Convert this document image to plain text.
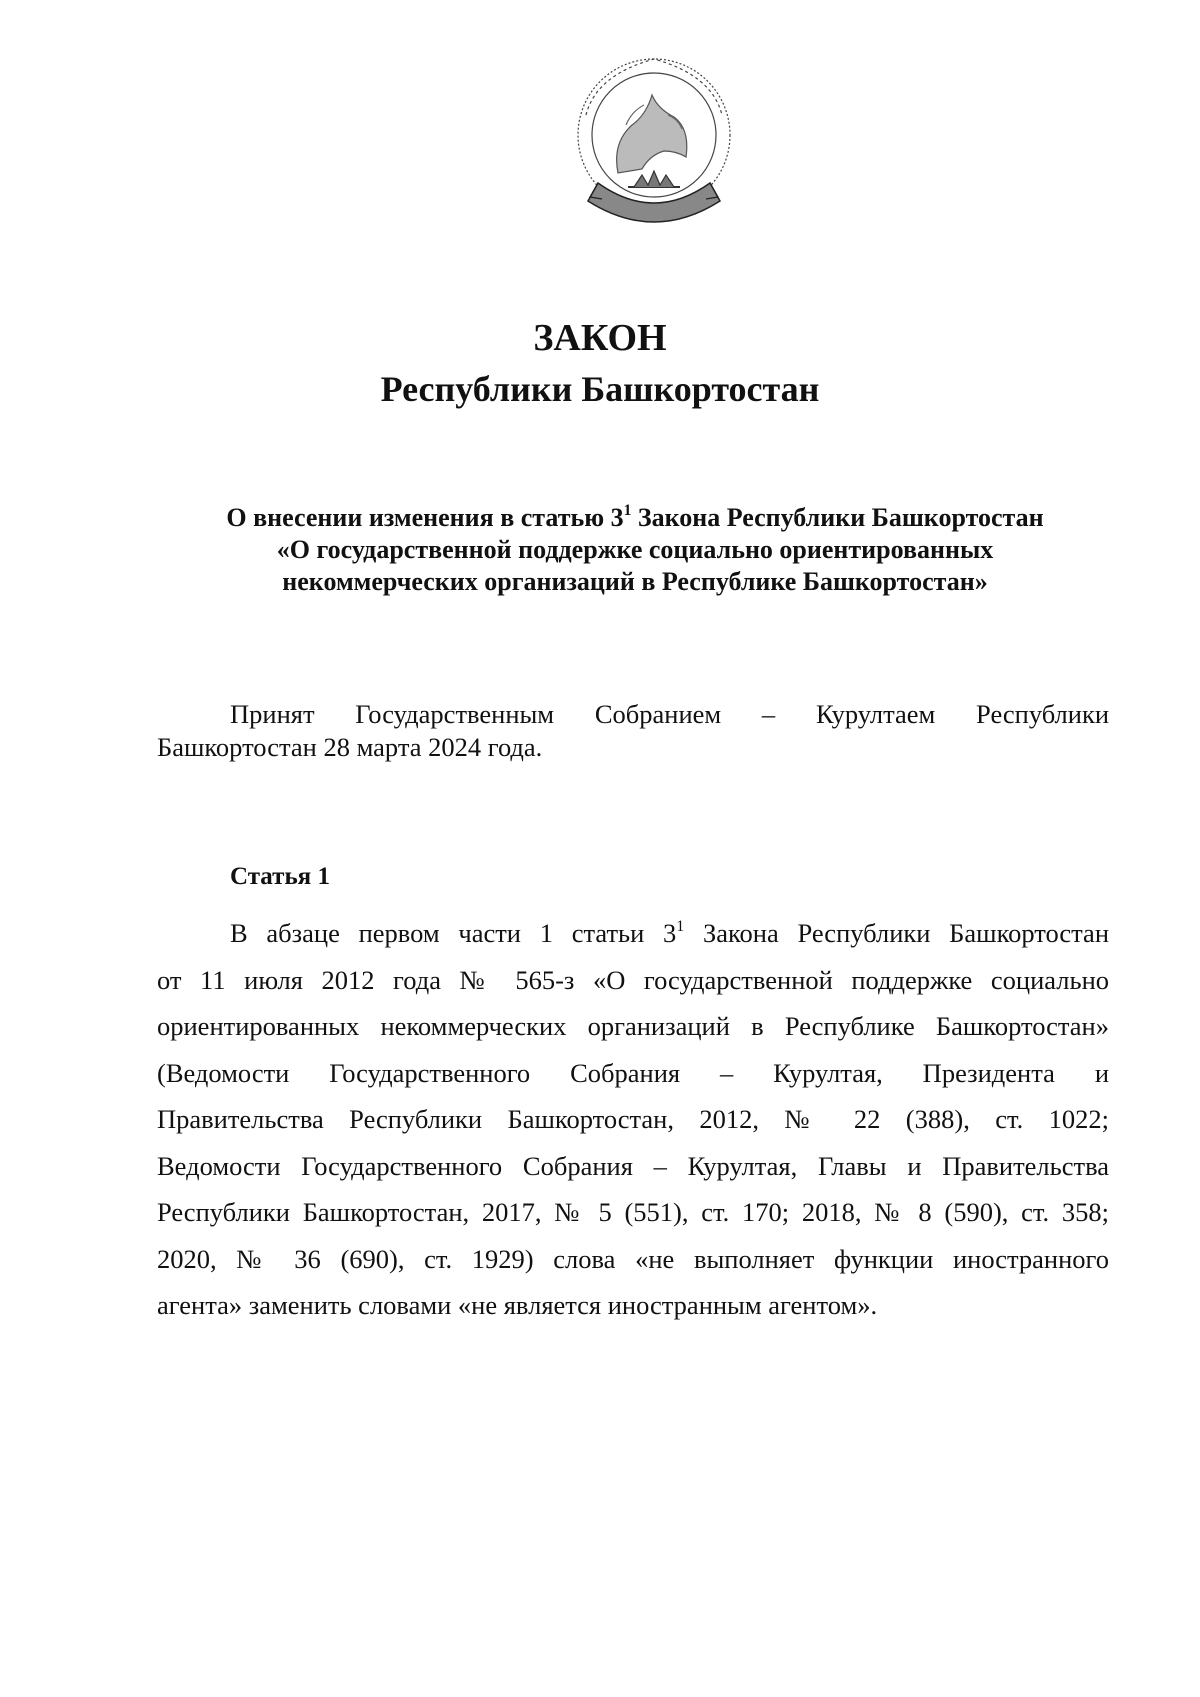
ЗАКОН
Республики Башкортостан
О внесении изменения в статью $3^1$ Закона Республики Башкортостан
«О государственной поддержке социально ориентированных
некоммерческих организаций в Республике Башкортостан»
Принят Государственным Собранием – Курултаем Республики
Башкортостан 28 марта 2024 года.
Статья 1
В абзаце первом части 1 статьи $3^1$ Закона Республики Башкортостан
от 11 июля 2012 года № 565-з «О государственной поддержке социально
ориентированных некоммерческих организаций в Республике Башкортостан»
(Ведомости Государственного Собрания – Курултая, Президента и
Правительства Республики Башкортостан, 2012, № 22 (388), ст. 1022;
Ведомости Государственного Собрания – Курултая, Главы и Правительства
Республики Башкортостан, 2017, № 5 (551), ст. 170; 2018, № 8 (590), ст. 358;
2020, № 36 (690), ст. 1929) слова «не выполняет функции иностранного
агента» заменить словами «не является иностранным агентом».
